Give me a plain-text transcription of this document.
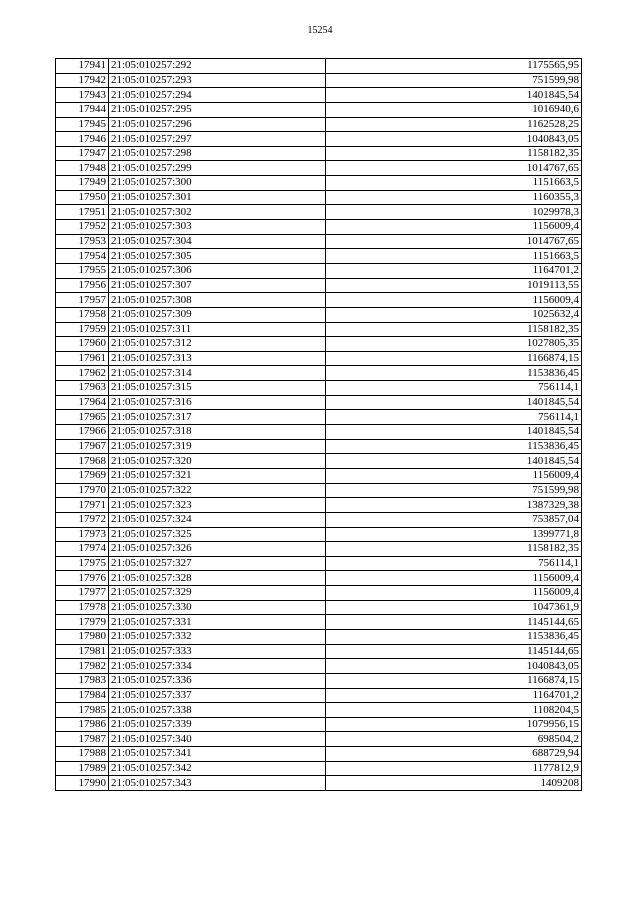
15254
17941	21:05:010257:292	1175565,95
17942	21:05:010257:293	751599,98
17943	21:05:010257:294	1401845,54
17944	21:05:010257:295	1016940,6
17945	21:05:010257:296	1162528,25
17946	21:05:010257:297	1040843,05
17947	21:05:010257:298	1158182,35
17948	21:05:010257:299	1014767,65
17949	21:05:010257:300	1151663,5
17950	21:05:010257:301	1160355,3
17951	21:05:010257:302	1029978,3
17952	21:05:010257:303	1156009,4
17953	21:05:010257:304	1014767,65
17954	21:05:010257:305	1151663,5
17955	21:05:010257:306	1164701,2
17956	21:05:010257:307	1019113,55
17957	21:05:010257:308	1156009,4
17958	21:05:010257:309	1025632,4
17959	21:05:010257:311	1158182,35
17960	21:05:010257:312	1027805,35
17961	21:05:010257:313	1166874,15
17962	21:05:010257:314	1153836,45
17963	21:05:010257:315	756114,1
17964	21:05:010257:316	1401845,54
17965	21:05:010257:317	756114,1
17966	21:05:010257:318	1401845,54
17967	21:05:010257:319	1153836,45
17968	21:05:010257:320	1401845,54
17969	21:05:010257:321	1156009,4
17970	21:05:010257:322	751599,98
17971	21:05:010257:323	1387329,38
17972	21:05:010257:324	753857,04
17973	21:05:010257:325	1399771,8
17974	21:05:010257:326	1158182,35
17975	21:05:010257:327	756114,1
17976	21:05:010257:328	1156009,4
17977	21:05:010257:329	1156009,4
17978	21:05:010257:330	1047361,9
17979	21:05:010257:331	1145144,65
17980	21:05:010257:332	1153836,45
17981	21:05:010257:333	1145144,65
17982	21:05:010257:334	1040843,05
17983	21:05:010257:336	1166874,15
17984	21:05:010257:337	1164701,2
17985	21:05:010257:338	1108204,5
17986	21:05:010257:339	1079956,15
17987	21:05:010257:340	698504,2
17988	21:05:010257:341	688729,94
17989	21:05:010257:342	1177812,9
17990	21:05:010257:343	1409208
